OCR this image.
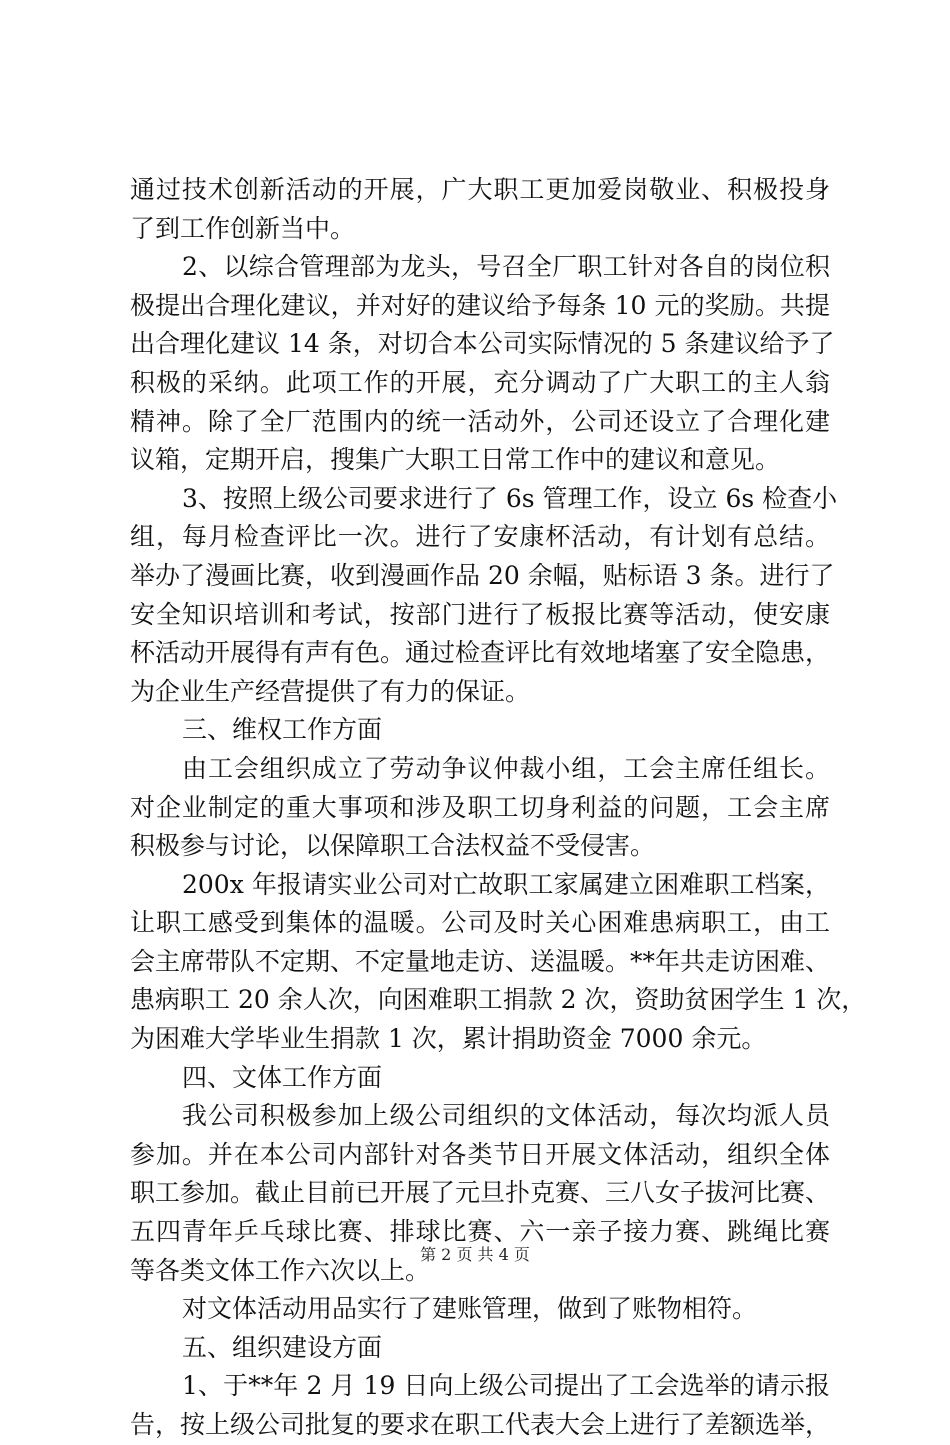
通过技术创新活动的开展，广大职工更加爱岗敬业、积极投身
了到工作创新当中。

2、以综合管理部为龙头，号召全厂职工针对各自的岗位积
极提出合理化建议，并对好的建议给予每条 10 元的奖励。共提
出合理化建议 14 条，对切合本公司实际情况的 5 条建议给予了
积极的采纳。此项工作的开展，充分调动了广大职工的主人翁
精神。除了全厂范围内的统一活动外，公司还设立了合理化建
议箱，定期开启，搜集广大职工日常工作中的建议和意见。

3、按照上级公司要求进行了 6s 管理工作，设立 6s 检查小
组，每月检查评比一次。进行了安康杯活动，有计划有总结。
举办了漫画比赛，收到漫画作品 20 余幅，贴标语 3 条。进行了
安全知识培训和考试，按部门进行了板报比赛等活动，使安康
杯活动开展得有声有色。通过检查评比有效地堵塞了安全隐患，
为企业生产经营提供了有力的保证。

三、维权工作方面

由工会组织成立了劳动争议仲裁小组，工会主席任组长。
对企业制定的重大事项和涉及职工切身利益的问题，工会主席
积极参与讨论，以保障职工合法权益不受侵害。

200x 年报请实业公司对亡故职工家属建立困难职工档案，
让职工感受到集体的温暖。公司及时关心困难患病职工，由工
会主席带队不定期、不定量地走访、送温暖。**年共走访困难、
患病职工 20 余人次，向困难职工捐款 2 次，资助贫困学生 1 次，
为困难大学毕业生捐款 1 次，累计捐助资金 7000 余元。

四、文体工作方面

我公司积极参加上级公司组织的文体活动，每次均派人员
参加。并在本公司内部针对各类节日开展文体活动，组织全体
职工参加。截止目前已开展了元旦扑克赛、三八女子拔河比赛、
五四青年乒乓球比赛、排球比赛、六一亲子接力赛、跳绳比赛
等各类文体工作六次以上。

对文体活动用品实行了建账管理，做到了账物相符。

五、组织建设方面

1、于**年 2 月 19 日向上级公司提出了工会选举的请示报
告，按上级公司批复的要求在职工代表大会上进行了差额选举，

第 2 页 共 4 页
